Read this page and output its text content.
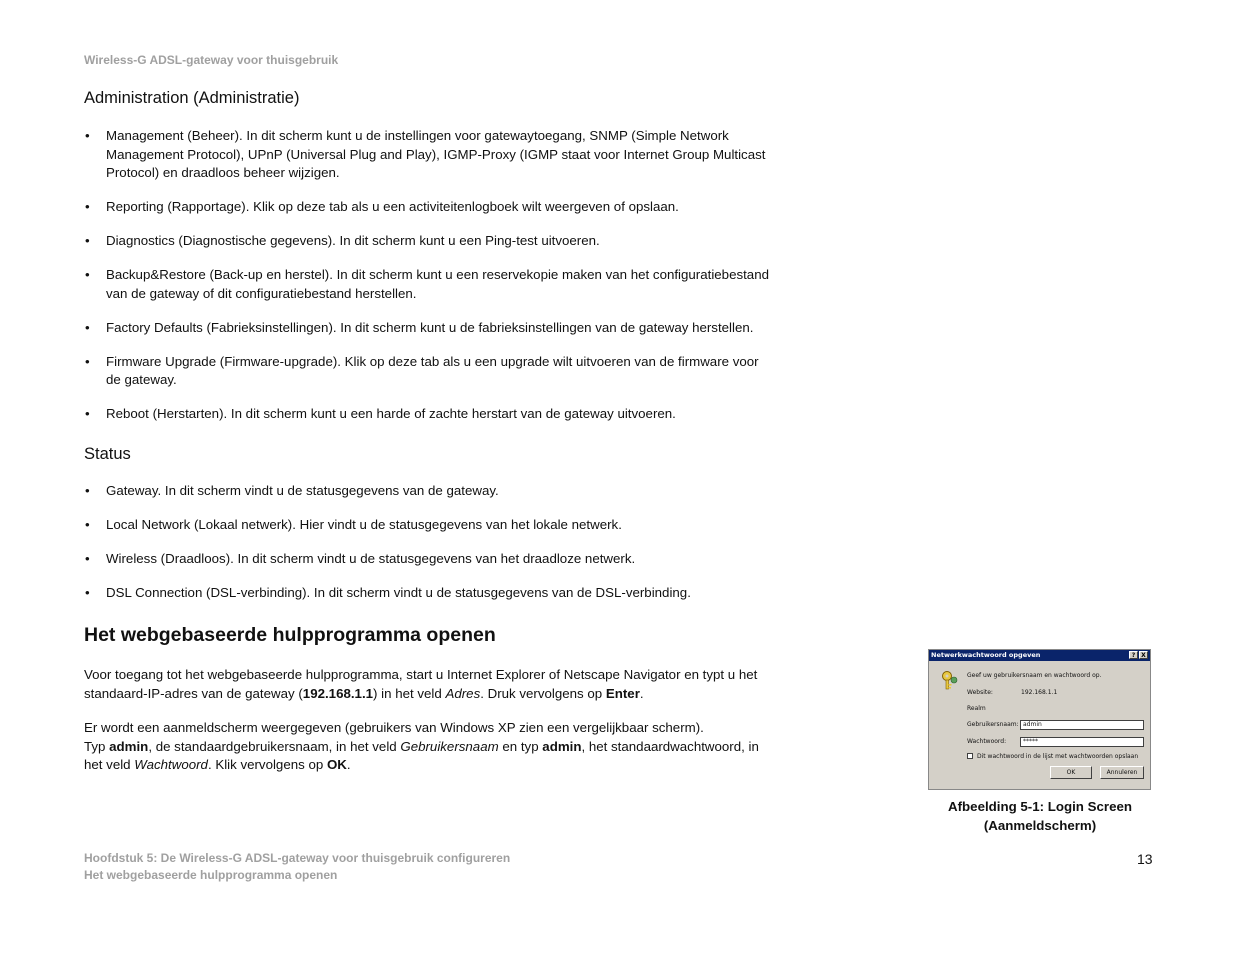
Wireless-G ADSL-gateway voor thuisgebruik
Administration (Administratie)
• Management (Beheer). In dit scherm kunt u de instellingen voor gatewaytoegang, SNMP (Simple Network Management Protocol), UPnP (Universal Plug and Play), IGMP-Proxy (IGMP staat voor Internet Group Multicast Protocol) en draadloos beheer wijzigen.
• Reporting (Rapportage). Klik op deze tab als u een activiteitenlogboek wilt weergeven of opslaan.
• Diagnostics (Diagnostische gegevens). In dit scherm kunt u een Ping-test uitvoeren.
• Backup&Restore (Back-up en herstel). In dit scherm kunt u een reservekopie maken van het configuratiebestand van de gateway of dit configuratiebestand herstellen.
• Factory Defaults (Fabrieksinstellingen). In dit scherm kunt u de fabrieksinstellingen van de gateway herstellen.
• Firmware Upgrade (Firmware-upgrade). Klik op deze tab als u een upgrade wilt uitvoeren van de firmware voor de gateway.
• Reboot (Herstarten). In dit scherm kunt u een harde of zachte herstart van de gateway uitvoeren.
Status
• Gateway. In dit scherm vindt u de statusgegevens van de gateway.
• Local Network (Lokaal netwerk). Hier vindt u de statusgegevens van het lokale netwerk.
• Wireless (Draadloos). In dit scherm vindt u de statusgegevens van het draadloze netwerk.
• DSL Connection (DSL-verbinding). In dit scherm vindt u de statusgegevens van de DSL-verbinding.
Het webgebaseerde hulpprogramma openen
Voor toegang tot het webgebaseerde hulpprogramma, start u Internet Explorer of Netscape Navigator en typt u het standaard-IP-adres van de gateway (192.168.1.1) in het veld Adres. Druk vervolgens op Enter.
Er wordt een aanmeldscherm weergegeven (gebruikers van Windows XP zien een vergelijkbaar scherm).
Typ admin, de standaardgebruikersnaam, in het veld Gebruikersnaam en typ admin, het standaardwachtwoord, in het veld Wachtwoord. Klik vervolgens op OK.
Netwerkwachtwoord opgeven	? X
Geef uw gebruikersnaam en wachtwoord op.
Website:	192.168.1.1
Realm
Gebruikersnaam: admin
Wachtwoord:	*****
Dit wachtwoord in de lijst met wachtwoorden opslaan
OK	Annuleren
Afbeelding 5-1: Login Screen
(Aanmeldscherm)
Hoofdstuk 5: De Wireless-G ADSL-gateway voor thuisgebruik configureren
Het webgebaseerde hulpprogramma openen
13
